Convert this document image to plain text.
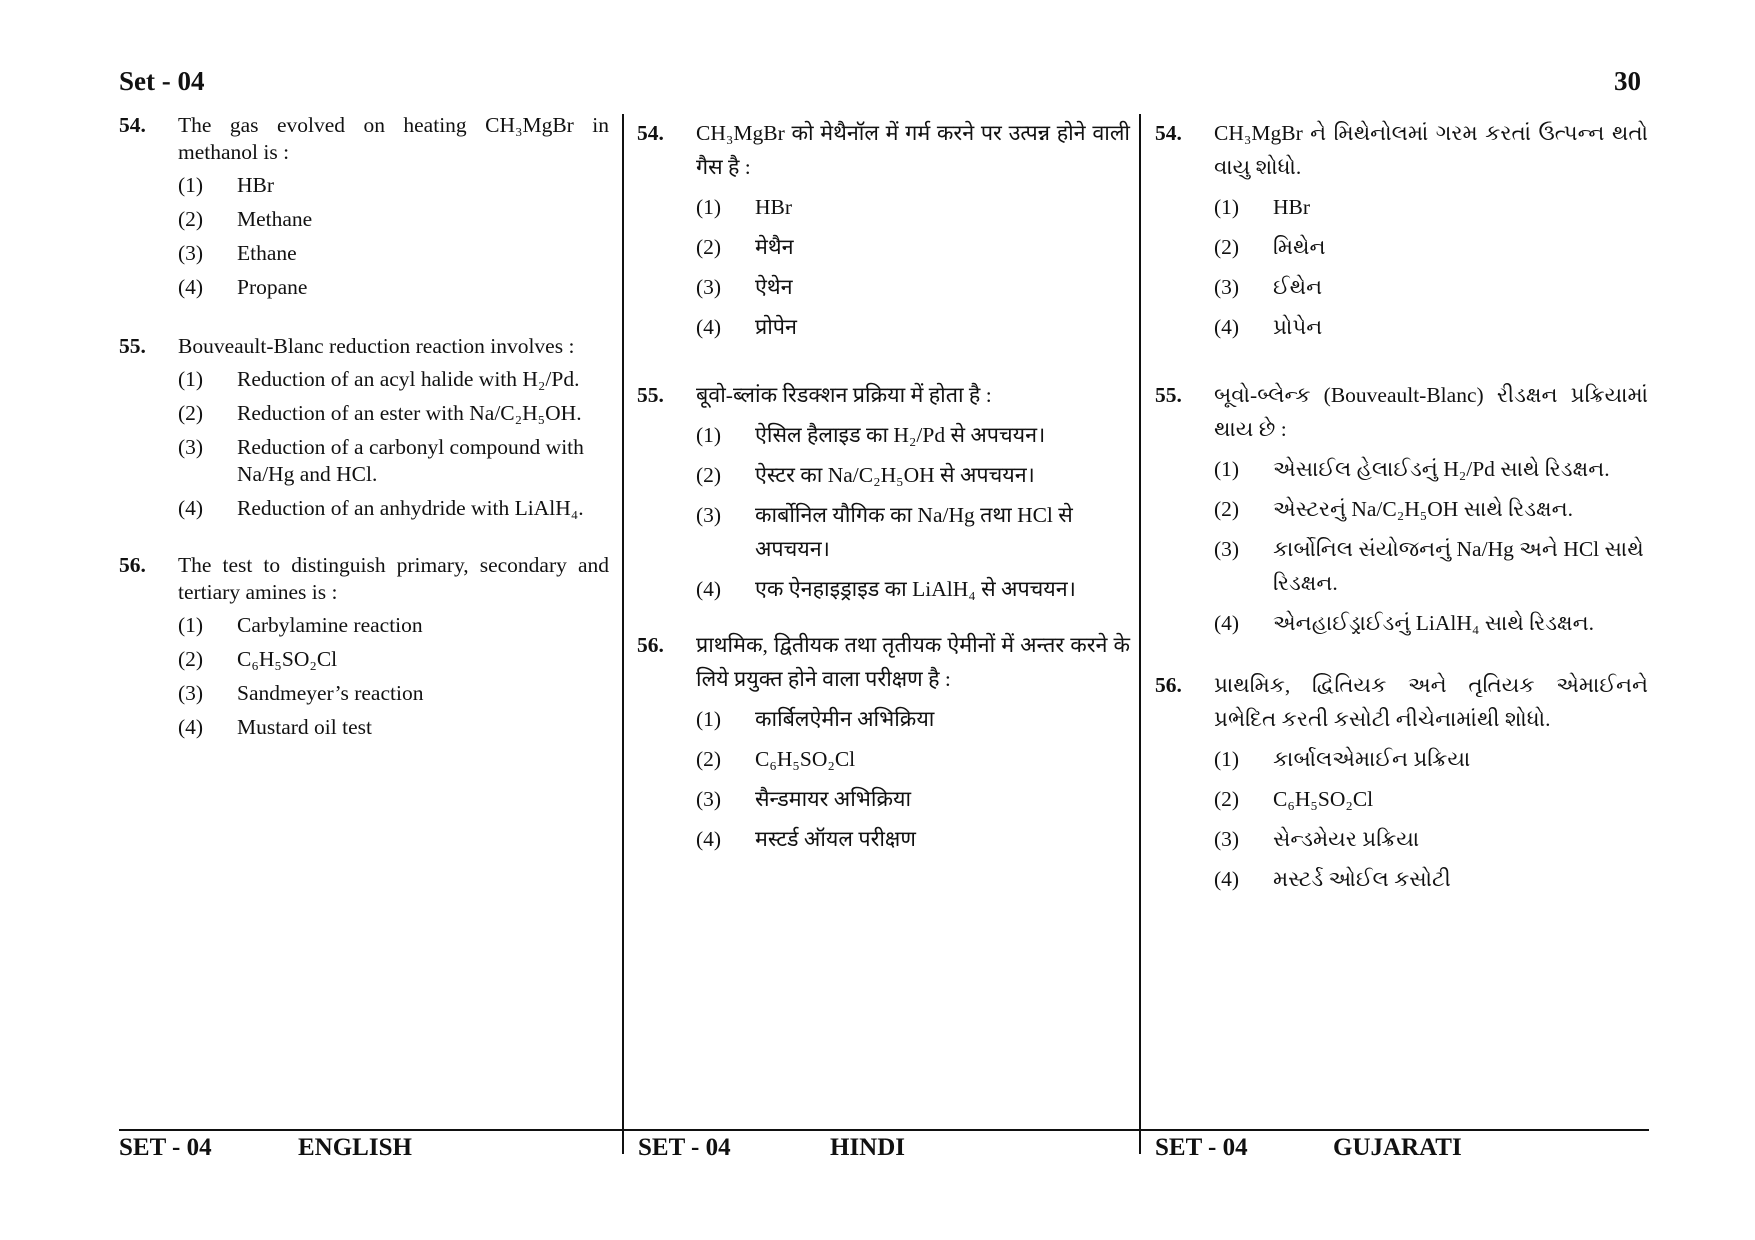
Set - 04	30
54. The gas evolved on heating CH₃MgBr in methanol is :
(1) HBr
(2) Methane
(3) Ethane
(4) Propane
55. Bouveault-Blanc reduction reaction involves :
(1) Reduction of an acyl halide with H₂/Pd.
(2) Reduction of an ester with Na/C₂H₅OH.
(3) Reduction of a carbonyl compound with Na/Hg and HCl.
(4) Reduction of an anhydride with LiAlH₄.
56. The test to distinguish primary, secondary and tertiary amines is :
(1) Carbylamine reaction
(2) C₆H₅SO₂Cl
(3) Sandmeyer’s reaction
(4) Mustard oil test
54. CH₃MgBr को मेथैनॉल में गर्म करने पर उत्पन्न होने वाली गैस है :
(1) HBr
(2) मेथैन
(3) ऐथेन
(4) प्रोपेन
55. बूवो-ब्लांक रिडक्शन प्रक्रिया में होता है :
(1) ऐसिल हैलाइड का H₂/Pd से अपचयन।
(2) ऐस्टर का Na/C₂H₅OH से अपचयन।
(3) कार्बोनिल यौगिक का Na/Hg तथा HCl से अपचयन।
(4) एक ऐनहाइड्राइड का LiAlH₄ से अपचयन।
56. प्राथमिक, द्वितीयक तथा तृतीयक ऐमीनों में अन्तर करने के लिये प्रयुक्त होने वाला परीक्षण है :
(1) कार्बिलऐमीन अभिक्रिया
(2) C₆H₅SO₂Cl
(3) सैन्डमायर अभिक्रिया
(4) मस्टर्ड ऑयल परीक्षण
54. CH₃MgBr ને મિથેનોલમાં ગરમ કરતાં ઉત્પન્ન થતો વાયુ શોધો.
(1) HBr
(2) મિથેન
(3) ઈથેન
(4) પ્રોપેન
55. બૂવો-બ્લેન્ક (Bouveault-Blanc) રીડક્ષન પ્રક્રિયામાં થાય છે :
(1) એસાઈલ હેલાઈડનું H₂/Pd સાથે રિડક્ષન.
(2) એસ્ટરનું Na/C₂H₅OH સાથે રિડક્ષન.
(3) કાર્બોનિલ સંયોજનનું Na/Hg અને HCl સાથે રિડક્ષન.
(4) એનહાઈડ્રાઈડનું LiAlH₄ સાથે રિડક્ષન.
56. પ્રાથમિક, દ્વિતિયક અને તૃતિયક એમાઈનને પ્રભેદિત કરતી કસોટી નીચેનામાંથી શોધો.
(1) કાર્બાલએમાઈન પ્રક્રિયા
(2) C₆H₅SO₂Cl
(3) સેન્ડમેયર પ્રક્રિયા
(4) મસ્ટર્ડ ઓઈલ કસોટી
SET - 04	ENGLISH	SET - 04	HINDI	SET - 04	GUJARATI
